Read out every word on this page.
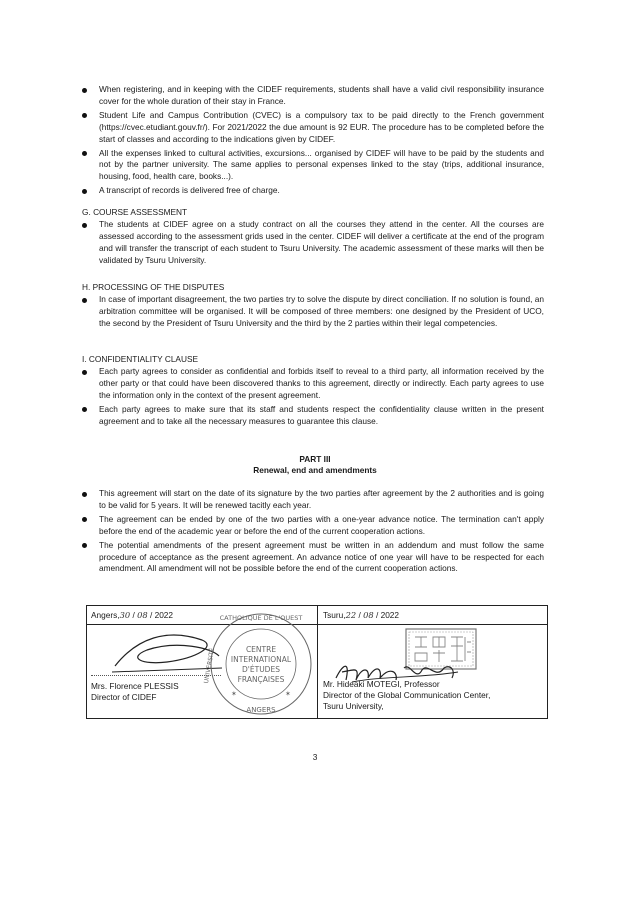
When registering, and in keeping with the CIDEF requirements, students shall have a valid civil responsibility insurance cover for the whole duration of their stay in France.
Student Life and Campus Contribution (CVEC) is a compulsory tax to be paid directly to the French government (https://cvec.etudiant.gouv.fr/). For 2021/2022 the due amount is 92 EUR. The procedure has to be completed before the start of classes and according to the indications given by CIDEF.
All the expenses linked to cultural activities, excursions... organised by CIDEF will have to be paid by the students and not by the partner university. The same applies to personal expenses linked to the stay (trips, additional insurance, housing, food, health care, books...).
A transcript of records is delivered free of charge.
G. COURSE ASSESSMENT
The students at CIDEF agree on a study contract on all the courses they attend in the center. All the courses are assessed according to the assessment grids used in the center. CIDEF will deliver a certificate at the end of the program and will transfer the transcript of each student to Tsuru University. The academic assessment of these marks will then be validated by Tsuru University.
H. PROCESSING OF THE DISPUTES
In case of important disagreement, the two parties try to solve the dispute by direct conciliation. If no solution is found, an arbitration committee will be organised. It will be composed of three members: one designed by the President of UCO, the second by the President of Tsuru University and the third by the 2 parties within their legal competencies.
I. CONFIDENTIALITY CLAUSE
Each party agrees to consider as confidential and forbids itself to reveal to a third party, all information received by the other party or that could have been discovered thanks to this agreement, directly or indirectly. Each party agrees to use the information only in the context of the present agreement.
Each party agrees to make sure that its staff and students respect the confidentiality clause written in the present agreement and to take all the necessary measures to guarantee this clause.
PART III
Renewal, end and amendments
This agreement will start on the date of its signature by the two parties after agreement by the 2 authorities and is going to be valid for 5 years. It will be renewed tacitly each year.
The agreement can be ended by one of the two parties with a one-year advance notice. The termination can't apply before the end of the academic year or before the end of the current cooperation actions.
The potential amendments of the present agreement must be written in an addendum and must follow the same procedure of acceptance as the present agreement. An advance notice of one year will have to be respected for each amendment. All amendment will not be possible before the end of the current cooperation actions.
Angers,30 / 08 / 2022	Tsuru,22 / 08 / 2022
Mrs. Florence PLESSIS
Director of CIDEF
CATHOLIQUE DE L'OUEST
UNIVERSITÉ
ANGERS
CENTRE
INTERNATIONAL
D'ÉTUDES
FRANÇAISES
✶	✶
Mr. Hideaki MOTEGI, Professor
Director of the Global Communication Center,
Tsuru University,
3
